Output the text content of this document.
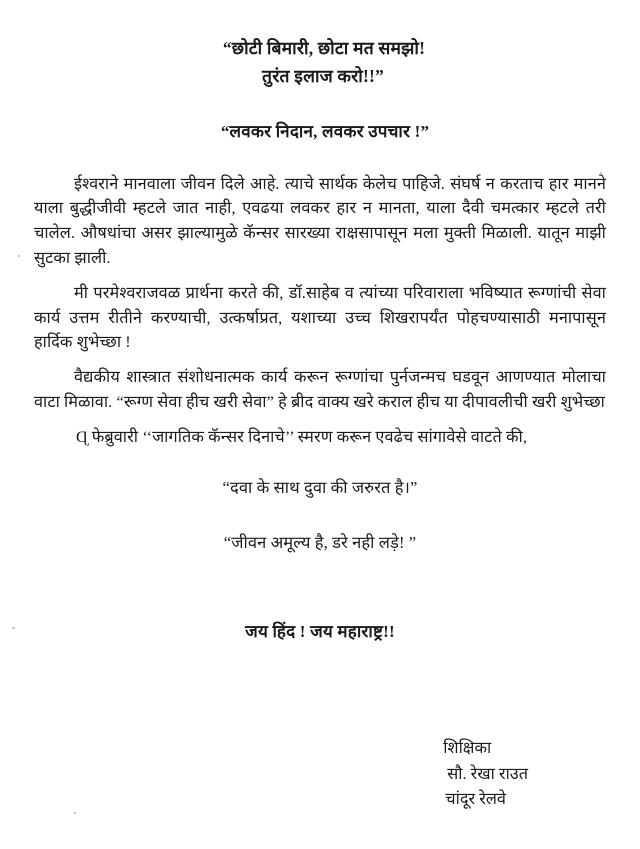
“छोटी बिमारी, छोटा मत समझो!
तुरंत इलाज करो!!”
“लवकर निदान, लवकर उपचार !”

ईश्वराने मानवाला जीवन दिले आहे. त्याचे सार्थक केलेच पाहिजे. संघर्ष न करताच हार मानने याला बुद्धीजीवी म्हटले जात नाही, एवढया लवकर हार न मानता, याला दैवी चमत्कार म्हटले तरी चालेल. औषधांचा असर झाल्यामुळे कॅन्सर सारख्या राक्षसापासून मला मुक्ती मिळाली. यातून माझी सुटका झाली.

मी परमेश्वराजवळ प्रार्थना करते की, डॉ.साहेब व त्यांच्या परिवाराला भविष्यात रूग्णांची सेवा कार्य उत्तम रीतीने करण्याची, उत्कर्षाप्रत, यशाच्या उच्च शिखरापर्यंत पोहचण्यासाठी मनापासून हार्दिक शुभेच्छा !

वैद्यकीय शास्त्रात संशोधनात्मक कार्य करून रूग्णांचा पुर्नजन्मच घडवून आणण्यात मोलाचा वाटा मिळावा. “रूग्ण सेवा हीच खरी सेवा” हे ब्रीद वाक्य खरे कराल हीच या दीपावलीची खरी शुभेच्छा

Ɋ फेब्रुवारी ‘‘जागतिक कॅन्सर दिनाचे’’ स्मरण करून एवढेच सांगावेसे वाटते की,

“दवा के साथ दुवा की जरुरत है।”
“जीवन अमूल्य है, डरे नही लड़े! ”
जय हिंद ! जय महाराष्ट्र!!
शिक्षिका
सौ. रेखा राउत
चांदूर रेलवे
